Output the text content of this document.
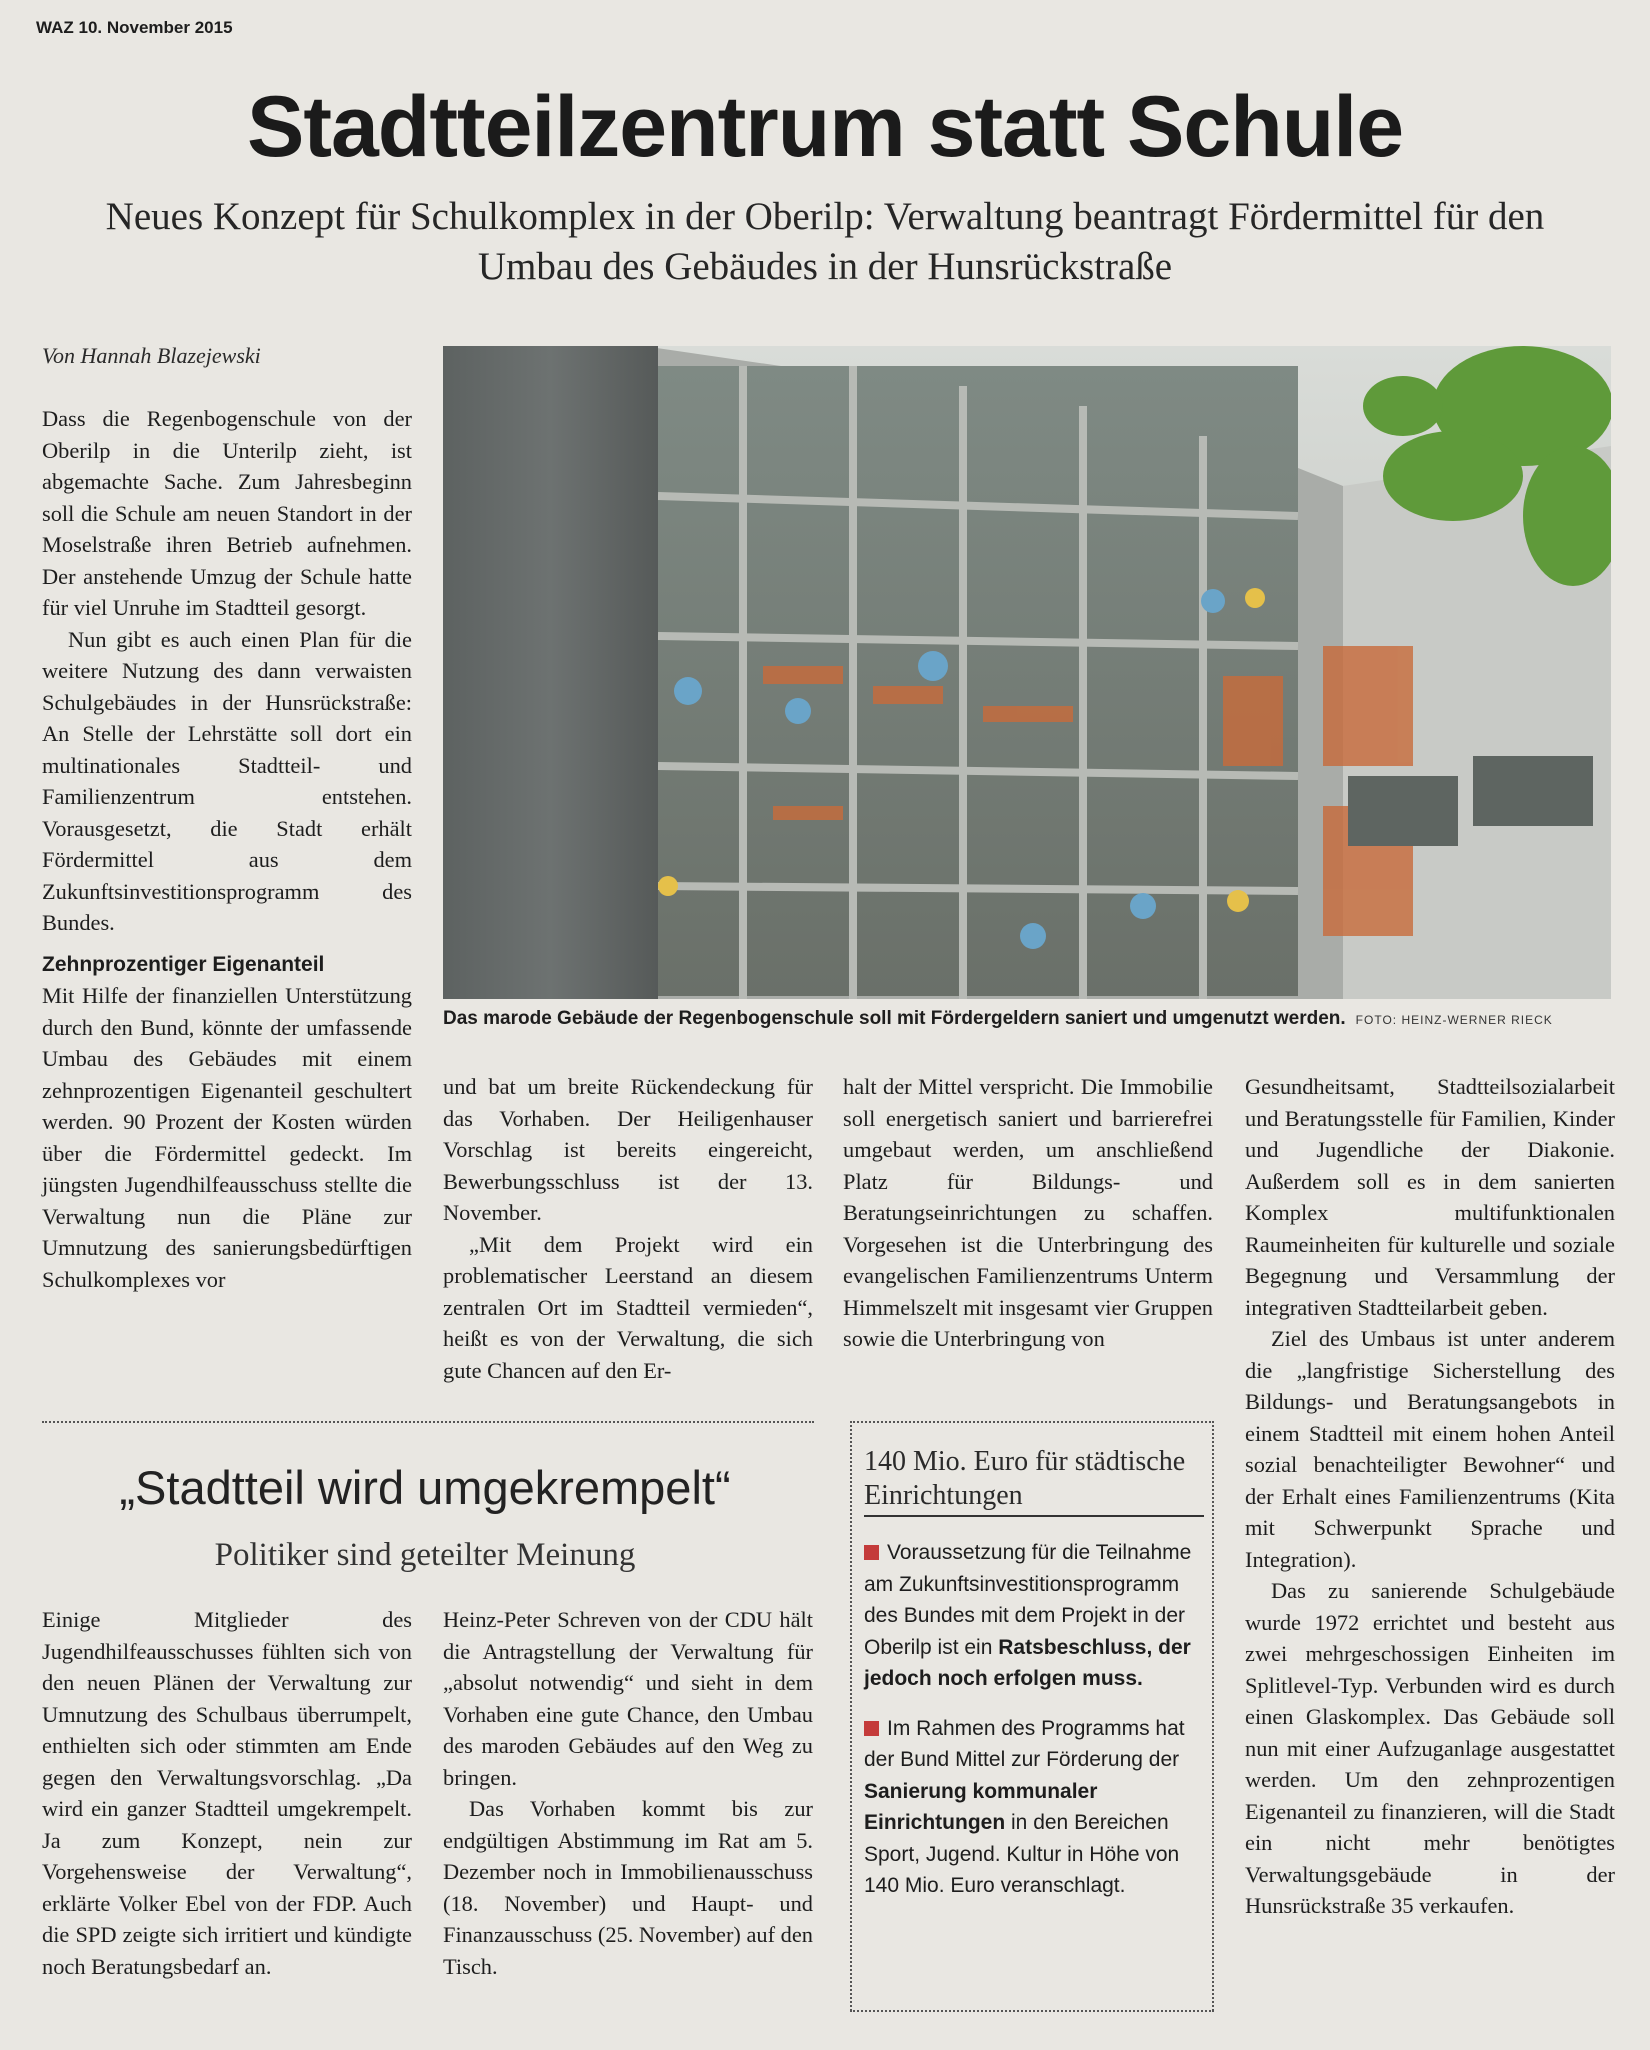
WAZ 10. November 2015
Stadtteilzentrum statt Schule
Neues Konzept für Schulkomplex in der Oberilp: Verwaltung beantragt Fördermittel für den Umbau des Gebäudes in der Hunsrückstraße
Von Hannah Blazejewski

Dass die Regenbogenschule von der Oberilp in die Unterilp zieht, ist abgemachte Sache. Zum Jahresbeginn soll die Schule am neuen Standort in der Moselstraße ihren Betrieb aufnehmen. Der anstehende Umzug der Schule hatte für viel Unruhe im Stadtteil gesorgt.

Nun gibt es auch einen Plan für die weitere Nutzung des dann verwaisten Schulgebäudes in der Hunsrückstraße: An Stelle der Lehrstätte soll dort ein multinationales Stadtteil- und Familienzentrum entstehen. Vorausgesetzt, die Stadt erhält Fördermittel aus dem Zukunftsinvestitionsprogramm des Bundes.

Zehnprozentiger Eigenanteil

Mit Hilfe der finanziellen Unterstützung durch den Bund, könnte der umfassende Umbau des Gebäudes mit einem zehnprozentigen Eigenanteil geschultert werden. 90 Prozent der Kosten würden über die Fördermittel gedeckt. Im jüngsten Jugendhilfeausschuss stellte die Verwaltung nun die Pläne zur Umnutzung des sanierungsbedürftigen Schulkomplexes vor

Das marode Gebäude der Regenbogenschule soll mit Fördergeldern saniert und umgenutzt werden. FOTO: HEINZ-WERNER RIECK

und bat um breite Rückendeckung für das Vorhaben. Der Heiligenhauser Vorschlag ist bereits eingereicht, Bewerbungsschluss ist der 13. November.

„Mit dem Projekt wird ein problematischer Leerstand an diesem zentralen Ort im Stadtteil vermieden“, heißt es von der Verwaltung, die sich gute Chancen auf den Er-

halt der Mittel verspricht. Die Immobilie soll energetisch saniert und barrierefrei umgebaut werden, um anschließend Platz für Bildungs- und Beratungseinrichtungen zu schaffen. Vorgesehen ist die Unterbringung des evangelischen Familienzentrums Unterm Himmelszelt mit insgesamt vier Gruppen sowie die Unterbringung von

Gesundheitsamt, Stadtteilsozialarbeit und Beratungsstelle für Familien, Kinder und Jugendliche der Diakonie. Außerdem soll es in dem sanierten Komplex multifunktionalen Raumeinheiten für kulturelle und soziale Begegnung und Versammlung der integrativen Stadtteilarbeit geben.

Ziel des Umbaus ist unter anderem die „langfristige Sicherstellung des Bildungs- und Beratungsangebots in einem Stadtteil mit einem hohen Anteil sozial benachteiligter Bewohner“ und der Erhalt eines Familienzentrums (Kita mit Schwerpunkt Sprache und Integration).

Das zu sanierende Schulgebäude wurde 1972 errichtet und besteht aus zwei mehrgeschossigen Einheiten im Splitlevel-Typ. Verbunden wird es durch einen Glaskomplex. Das Gebäude soll nun mit einer Aufzuganlage ausgestattet werden. Um den zehnprozentigen Eigenanteil zu finanzieren, will die Stadt ein nicht mehr benötigtes Verwaltungsgebäude in der Hunsrückstraße 35 verkaufen.

„Stadtteil wird umgekrempelt“
Politiker sind geteilter Meinung

Einige Mitglieder des Jugendhilfeausschusses fühlten sich von den neuen Plänen der Verwaltung zur Umnutzung des Schulbaus überrumpelt, enthielten sich oder stimmten am Ende gegen den Verwaltungsvorschlag. „Da wird ein ganzer Stadtteil umgekrempelt. Ja zum Konzept, nein zur Vorgehensweise der Verwaltung“, erklärte Volker Ebel von der FDP. Auch die SPD zeigte sich irritiert und kündigte noch Beratungsbedarf an.

Heinz-Peter Schreven von der CDU hält die Antragstellung der Verwaltung für „absolut notwendig“ und sieht in dem Vorhaben eine gute Chance, den Umbau des maroden Gebäudes auf den Weg zu bringen.

Das Vorhaben kommt bis zur endgültigen Abstimmung im Rat am 5. Dezember noch in Immobilienausschuss (18. November) und Haupt- und Finanzausschuss (25. November) auf den Tisch.

140 Mio. Euro für städtische Einrichtungen

Voraussetzung für die Teilnahme am Zukunftsinvestitionsprogramm des Bundes mit dem Projekt in der Oberilp ist ein Ratsbeschluss, der jedoch noch erfolgen muss.

Im Rahmen des Programms hat der Bund Mittel zur Förderung der Sanierung kommunaler Einrichtungen in den Bereichen Sport, Jugend. Kultur in Höhe von 140 Mio. Euro veranschlagt.
